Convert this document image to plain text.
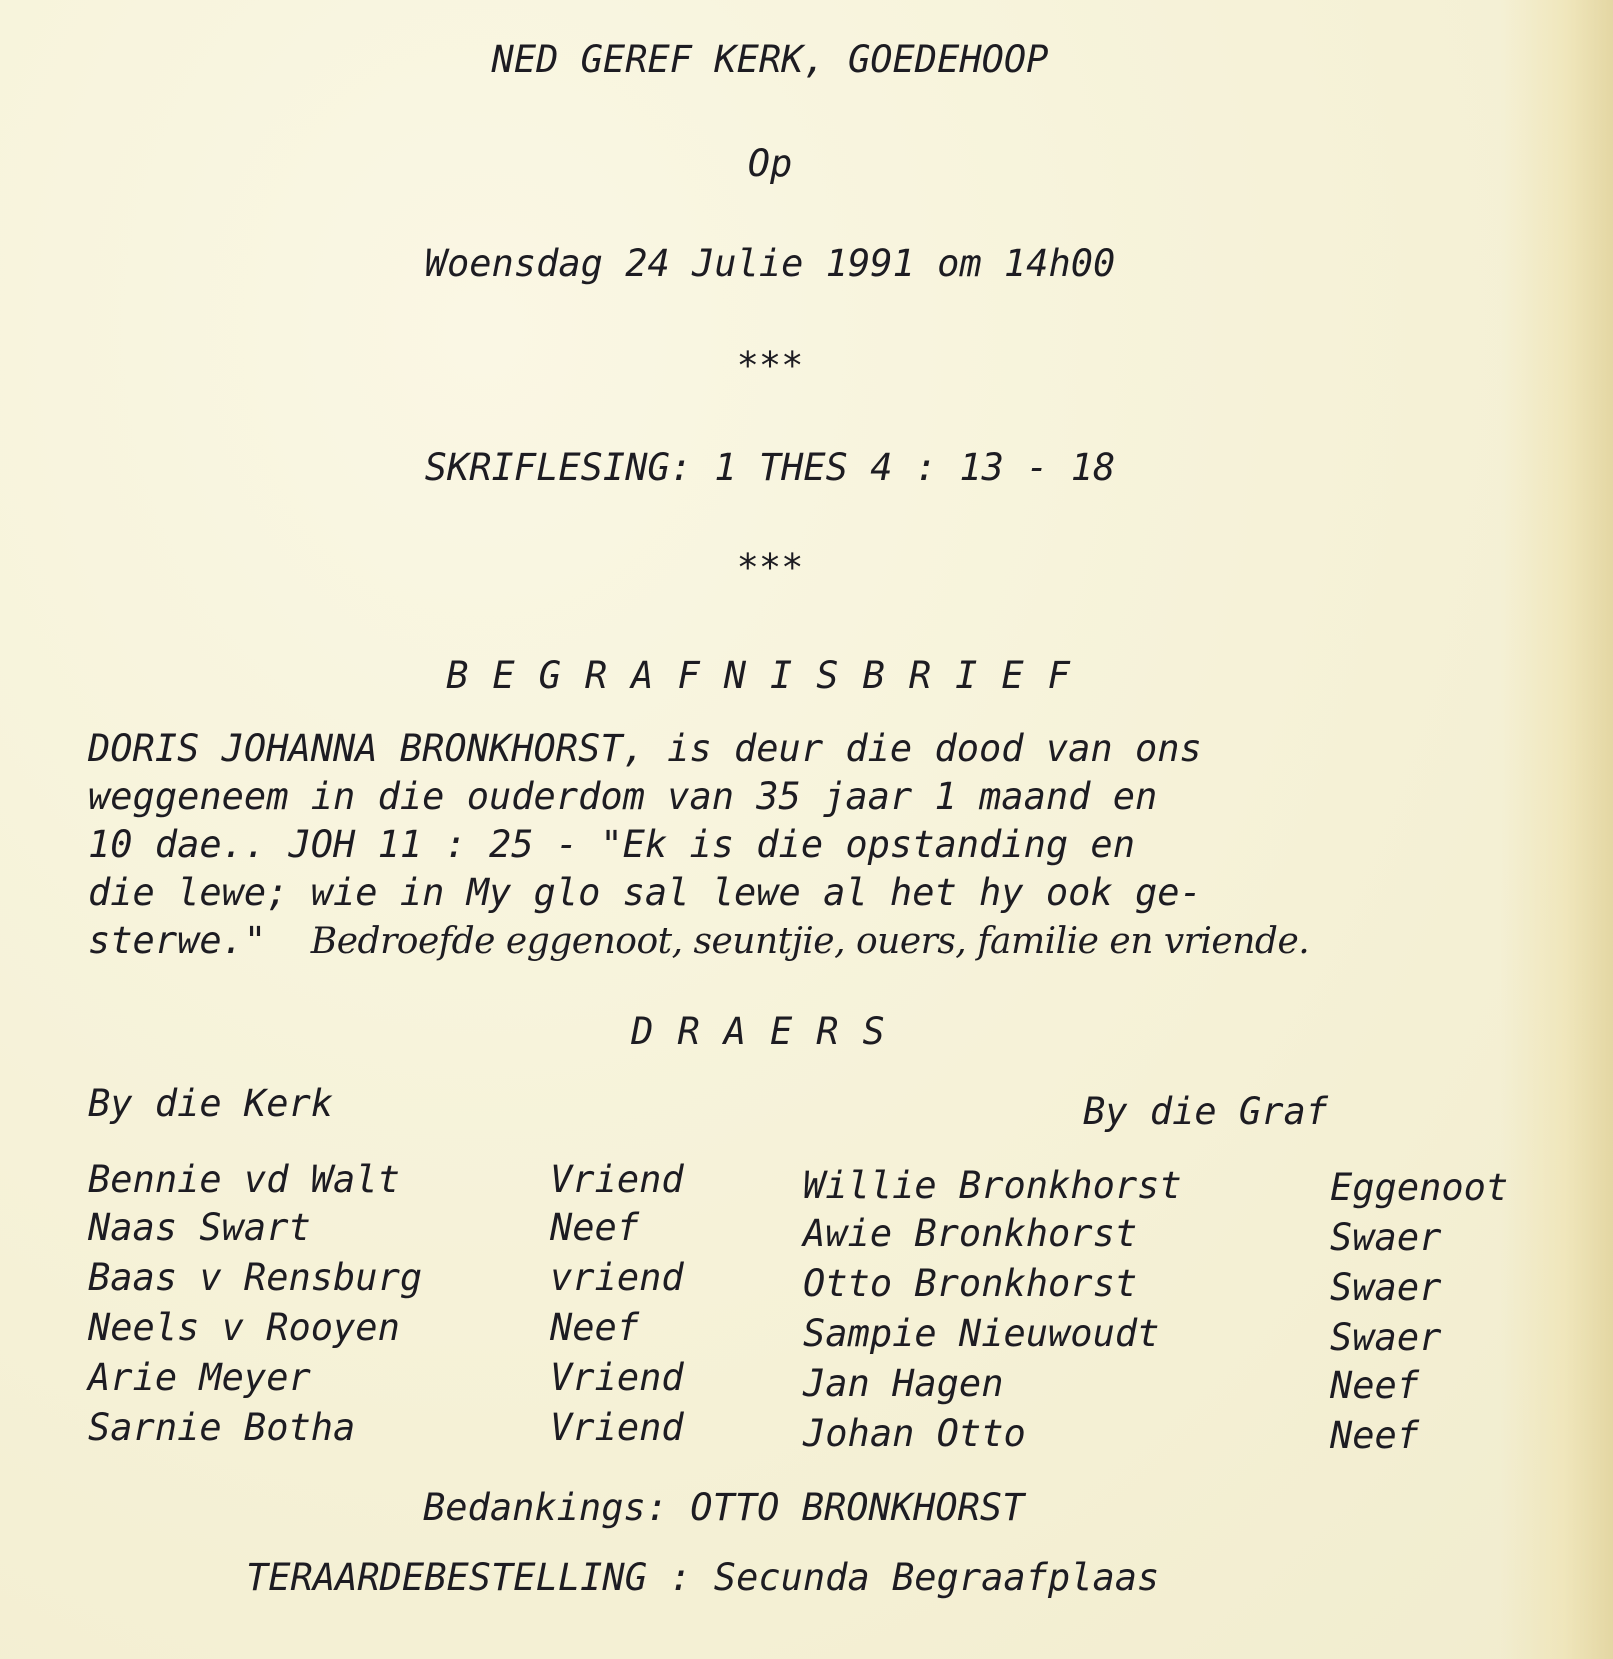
NED GEREF KERK, GOEDEHOOP
Op
Woensdag 24 Julie 1991 om 14h00
***
SKRIFLESING: 1 THES 4 : 13 - 18
***
BEGRAFNISBRIEF
DORIS JOHANNA BRONKHORST, is deur die dood van ons
weggeneem in die ouderdom van 35 jaar 1 maand en
10 dae.. JOH 11 : 25 - "Ek is die opstanding en
die lewe; wie in My glo sal lewe al het hy ook ge-
sterwe." Bedroefde eggenoot, seuntjie, ouers, familie en vriende.
DRAERS
By die Kerk	By die Graf
Bennie vd Walt	Vriend
Naas Swart	Neef
Baas v Rensburg	vriend
Neels v Rooyen	Neef
Arie Meyer	Vriend
Sarnie Botha	Vriend
Willie Bronkhorst	Eggenoot
Awie Bronkhorst	Swaer
Otto Bronkhorst	Swaer
Sampie Nieuwoudt	Swaer
Jan Hagen	Neef
Johan Otto	Neef
Bedankings: OTTO BRONKHORST
TERAARDEBESTELLING : Secunda Begraafplaas
